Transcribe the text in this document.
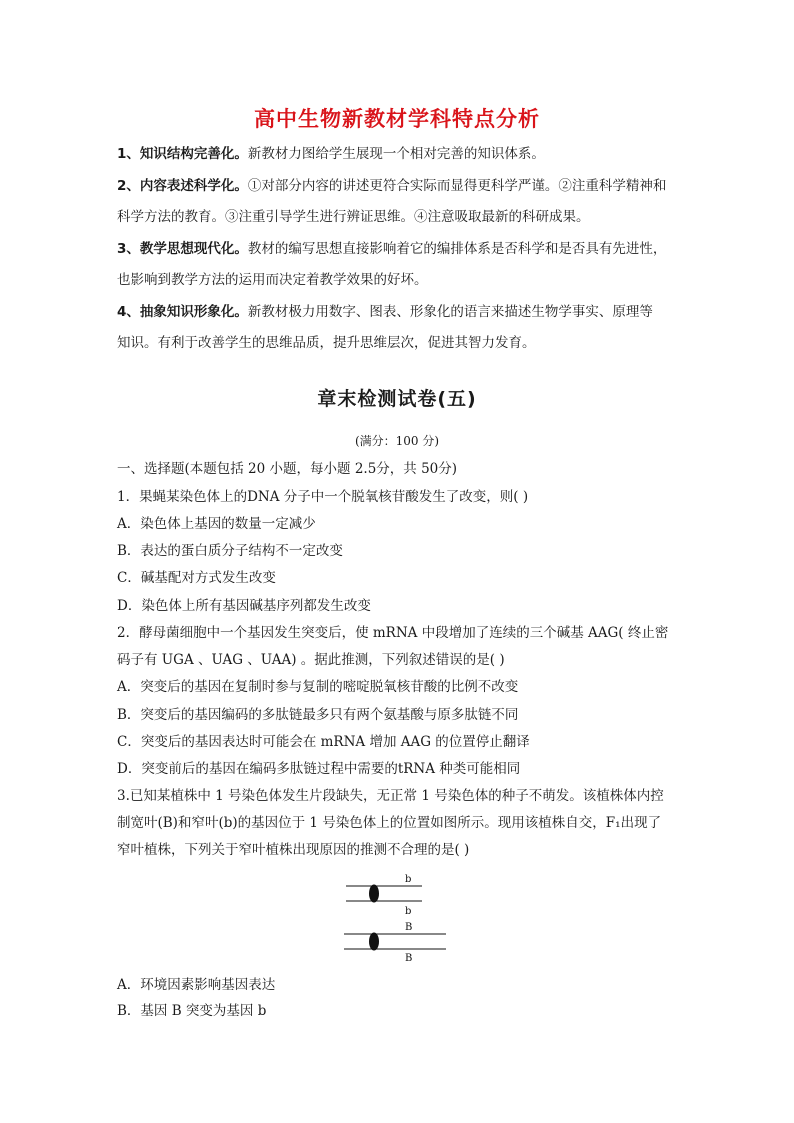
高中生物新教材学科特点分析
1、知识结构完善化。新教材力图给学生展现一个相对完善的知识体系。
2、内容表述科学化。①对部分内容的讲述更符合实际而显得更科学严谨。②注重科学精神和
科学方法的教育。③注重引导学生进行辨证思维。④注意吸取最新的科研成果。
3、教学思想现代化。教材的编写思想直接影响着它的编排体系是否科学和是否具有先进性，
也影响到教学方法的运用而决定着教学效果的好坏。
4、抽象知识形象化。新教材极力用数字、图表、形象化的语言来描述生物学事实、原理等
知识。有利于改善学生的思维品质，提升思维层次，促进其智力发育。
章末检测试卷(五)
(满分：100 分)
一、选择题(本题包括 20 小题，每小题 2.5分，共 50分)
1．果蝇某染色体上的DNA 分子中一个脱氧核苷酸发生了改变，则( )
A．染色体上基因的数量一定减少
B．表达的蛋白质分子结构不一定改变
C．碱基配对方式发生改变
D．染色体上所有基因碱基序列都发生改变
2．酵母菌细胞中一个基因发生突变后，使 mRNA 中段增加了连续的三个碱基 AAG( 终止密
码子有 UGA 、UAG 、UAA) 。据此推测，下列叙述错误的是( )
A．突变后的基因在复制时参与复制的嘧啶脱氧核苷酸的比例不改变
B．突变后的基因编码的多肽链最多只有两个氨基酸与原多肽链不同
C．突变后的基因表达时可能会在 mRNA 增加 AAG 的位置停止翻译
D．突变前后的基因在编码多肽链过程中需要的tRNA 种类可能相同
3.已知某植株中 1 号染色体发生片段缺失，无正常 1 号染色体的种子不萌发。该植株体内控
制宽叶(B)和窄叶(b)的基因位于 1 号染色体上的位置如图所示。现用该植株自交，F₁出现了
窄叶植株，下列关于窄叶植株出现原因的推测不合理的是( )
b
b
B
B
A．环境因素影响基因表达
B．基因 B 突变为基因 b
